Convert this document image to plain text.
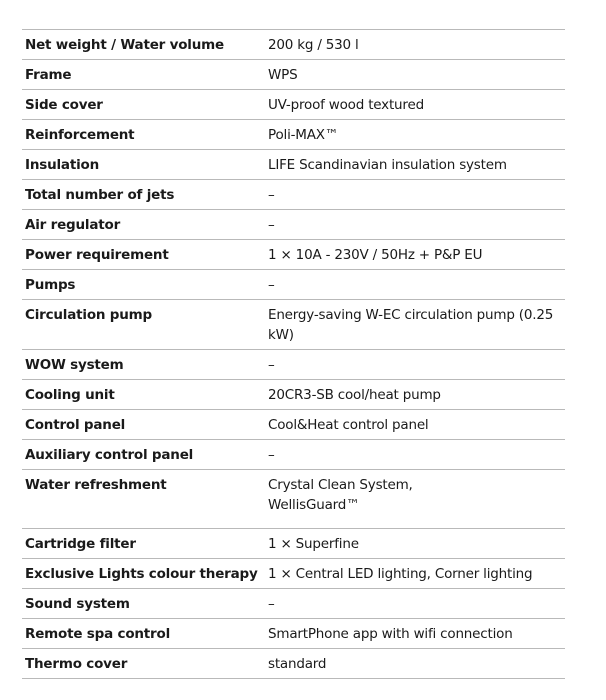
Net weight / Water volume	200 kg / 530 l
Frame	WPS
Side cover	UV-proof wood textured
Reinforcement	Poli-MAX™
Insulation	LIFE Scandinavian insulation system
Total number of jets	–
Air regulator	–
Power requirement	1 × 10A - 230V / 50Hz + P&P EU
Pumps	–
Circulation pump	Energy-saving W-EC circulation pump (0.25 kW)
WOW system	–
Cooling unit	20CR3-SB cool/heat pump
Control panel	Cool&Heat control panel
Auxiliary control panel	–
Water refreshment	Crystal Clean System,
WellisGuard™

Cartridge filter	1 × Superfine
Exclusive Lights colour therapy	1 × Central LED lighting, Corner lighting
Sound system	–
Remote spa control	SmartPhone app with wifi connection
Thermo cover	standard
